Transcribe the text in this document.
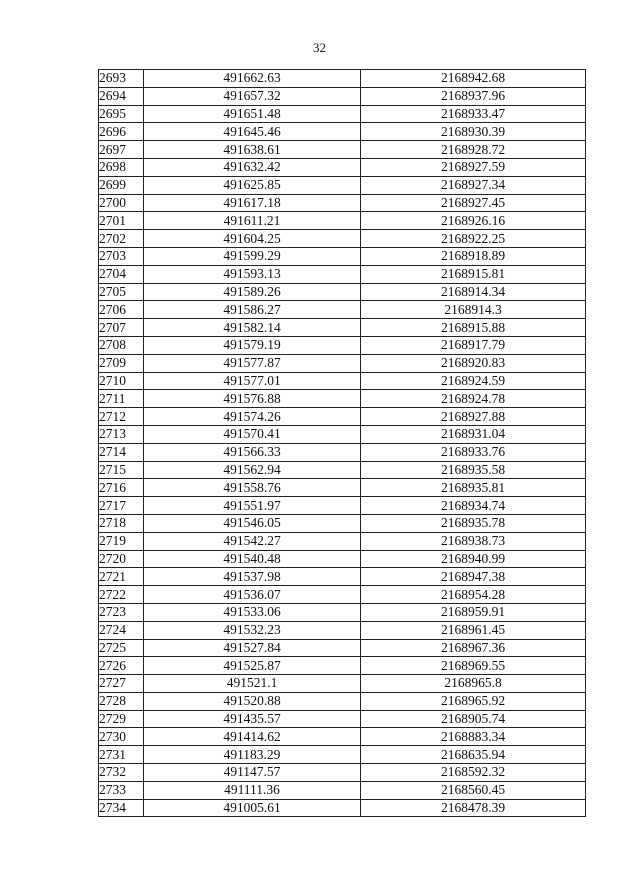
32
2693	491662.63	2168942.68
2694	491657.32	2168937.96
2695	491651.48	2168933.47
2696	491645.46	2168930.39
2697	491638.61	2168928.72
2698	491632.42	2168927.59
2699	491625.85	2168927.34
2700	491617.18	2168927.45
2701	491611.21	2168926.16
2702	491604.25	2168922.25
2703	491599.29	2168918.89
2704	491593.13	2168915.81
2705	491589.26	2168914.34
2706	491586.27	2168914.3
2707	491582.14	2168915.88
2708	491579.19	2168917.79
2709	491577.87	2168920.83
2710	491577.01	2168924.59
2711	491576.88	2168924.78
2712	491574.26	2168927.88
2713	491570.41	2168931.04
2714	491566.33	2168933.76
2715	491562.94	2168935.58
2716	491558.76	2168935.81
2717	491551.97	2168934.74
2718	491546.05	2168935.78
2719	491542.27	2168938.73
2720	491540.48	2168940.99
2721	491537.98	2168947.38
2722	491536.07	2168954.28
2723	491533.06	2168959.91
2724	491532.23	2168961.45
2725	491527.84	2168967.36
2726	491525.87	2168969.55
2727	491521.1	2168965.8
2728	491520.88	2168965.92
2729	491435.57	2168905.74
2730	491414.62	2168883.34
2731	491183.29	2168635.94
2732	491147.57	2168592.32
2733	491111.36	2168560.45
2734	491005.61	2168478.39
